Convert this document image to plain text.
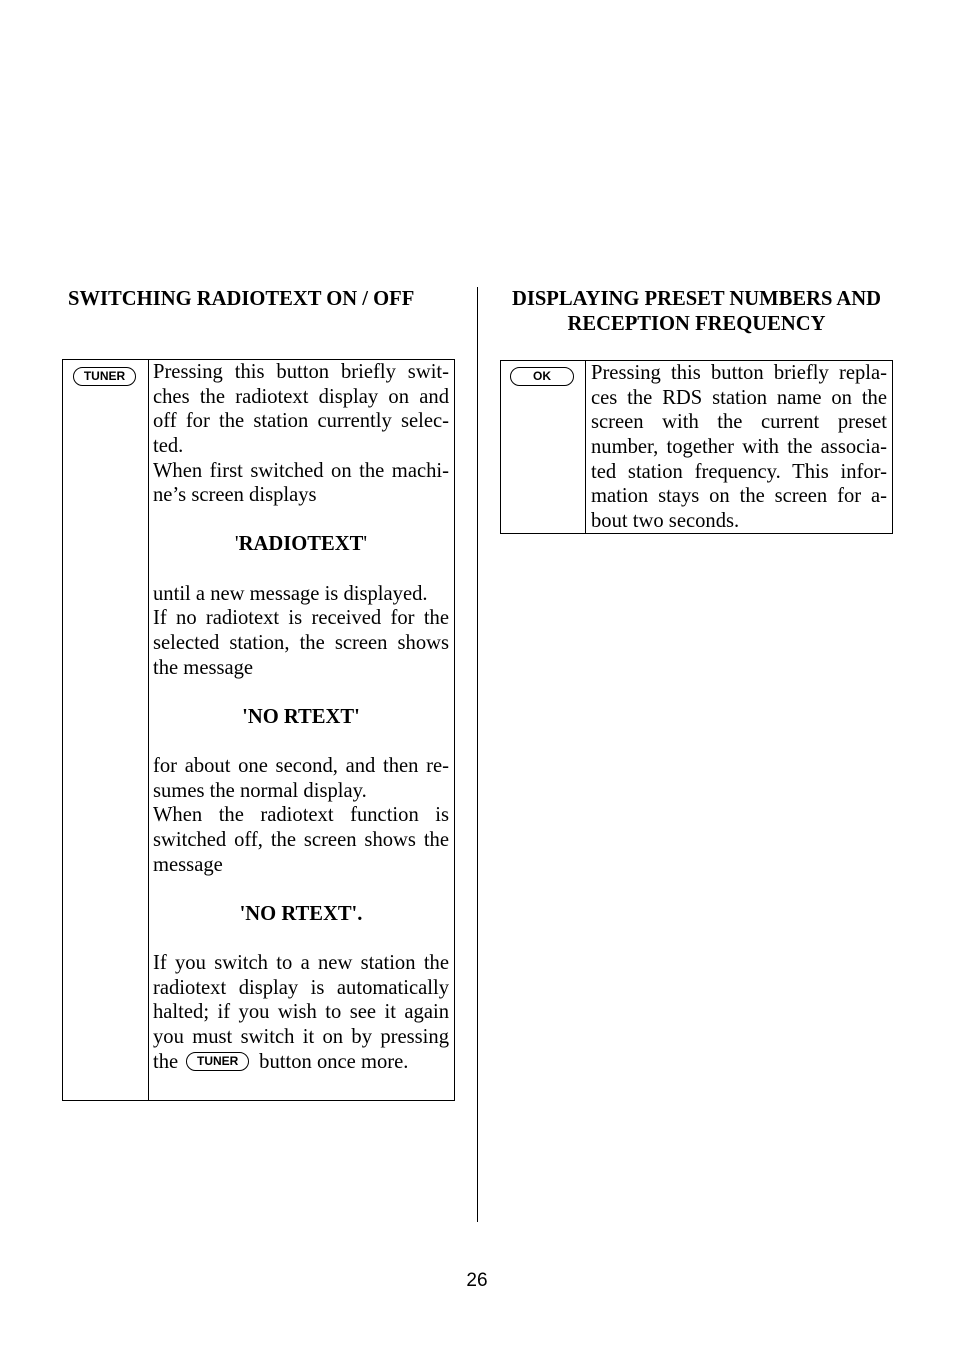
SWITCHING RADIOTEXT ON / OFF	DISPLAYING PRESET NUMBERS AND
RECEPTION FREQUENCY
TUNER	Pressing this button briefly swit-
ches the radiotext display on and
off for the station currently selec-
ted.
When first switched on the machi-
ne’s screen displays
'RADIOTEXT'
until a new message is displayed.
If no radiotext is received for the
selected station, the screen shows
the message
'NO RTEXT'
for about one second, and then re-
sumes the normal display.
When the radiotext function is
switched off, the screen shows the
message
'NO RTEXT'.
If you switch to a new station the
radiotext display is automatically
halted; if you wish to see it again
you must switch it on by pressing
the TUNER button once more.
OK	Pressing this button briefly repla-
ces the RDS station name on the
screen with the current preset
number, together with the associa-
ted station frequency. This infor-
mation stays on the screen for a-
bout two seconds.
26
